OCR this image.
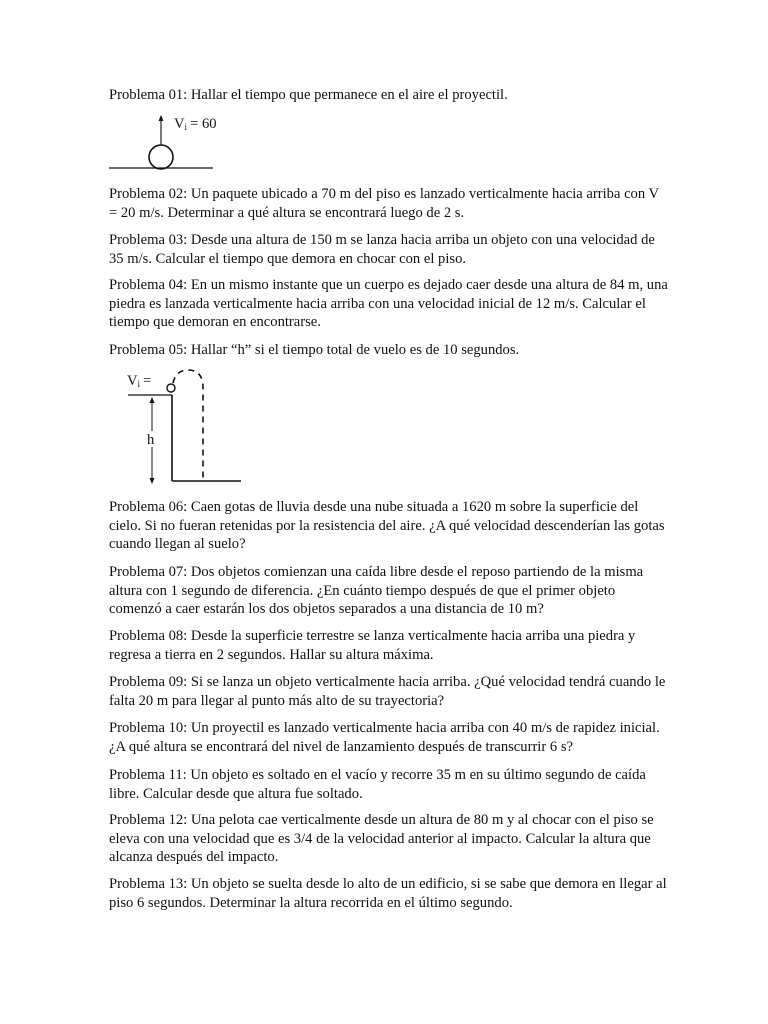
Problema 01: Hallar el tiempo que permanece en el aire el proyectil.

Vi = 60

Problema 02: Un paquete ubicado a 70 m del piso es lanzado verticalmente hacia arriba con V = 20 m/s. Determinar a qué altura se encontrará luego de 2 s.

Problema 03: Desde una altura de 150 m se lanza hacia arriba un objeto con una velocidad de 35 m/s. Calcular el tiempo que demora en chocar con el piso.

Problema 04: En un mismo instante que un cuerpo es dejado caer desde una altura de 84 m, una piedra es lanzada verticalmente hacia arriba con una velocidad inicial de 12 m/s. Calcular el tiempo que demoran en encontrarse.

Problema 05: Hallar “h” si el tiempo total de vuelo es de 10 segundos.

Vi =
h

Problema 06: Caen gotas de lluvia desde una nube situada a 1620 m sobre la superficie del cielo. Si no fueran retenidas por la resistencia del aire. ¿A qué velocidad descenderían las gotas cuando llegan al suelo?

Problema 07: Dos objetos comienzan una caída libre desde el reposo partiendo de la misma altura con 1 segundo de diferencia. ¿En cuánto tiempo después de que el primer objeto comenzó a caer estarán los dos objetos separados a una distancia de 10 m?

Problema 08: Desde la superficie terrestre se lanza verticalmente hacia arriba una piedra y regresa a tierra en 2 segundos. Hallar su altura máxima.

Problema 09: Si se lanza un objeto verticalmente hacia arriba. ¿Qué velocidad tendrá cuando le falta 20 m para llegar al punto más alto de su trayectoria?

Problema 10: Un proyectil es lanzado verticalmente hacia arriba con 40 m/s de rapidez inicial. ¿A qué altura se encontrará del nivel de lanzamiento después de transcurrir 6 s?

Problema 11: Un objeto es soltado en el vacío y recorre 35 m en su último segundo de caída libre. Calcular desde que altura fue soltado.

Problema 12: Una pelota cae verticalmente desde un altura de 80 m y al chocar con el piso se eleva con una velocidad que es 3/4 de la velocidad anterior al impacto. Calcular la altura que alcanza después del impacto.

Problema 13: Un objeto se suelta desde lo alto de un edificio, si se sabe que demora en llegar al piso 6 segundos. Determinar la altura recorrida en el último segundo.
